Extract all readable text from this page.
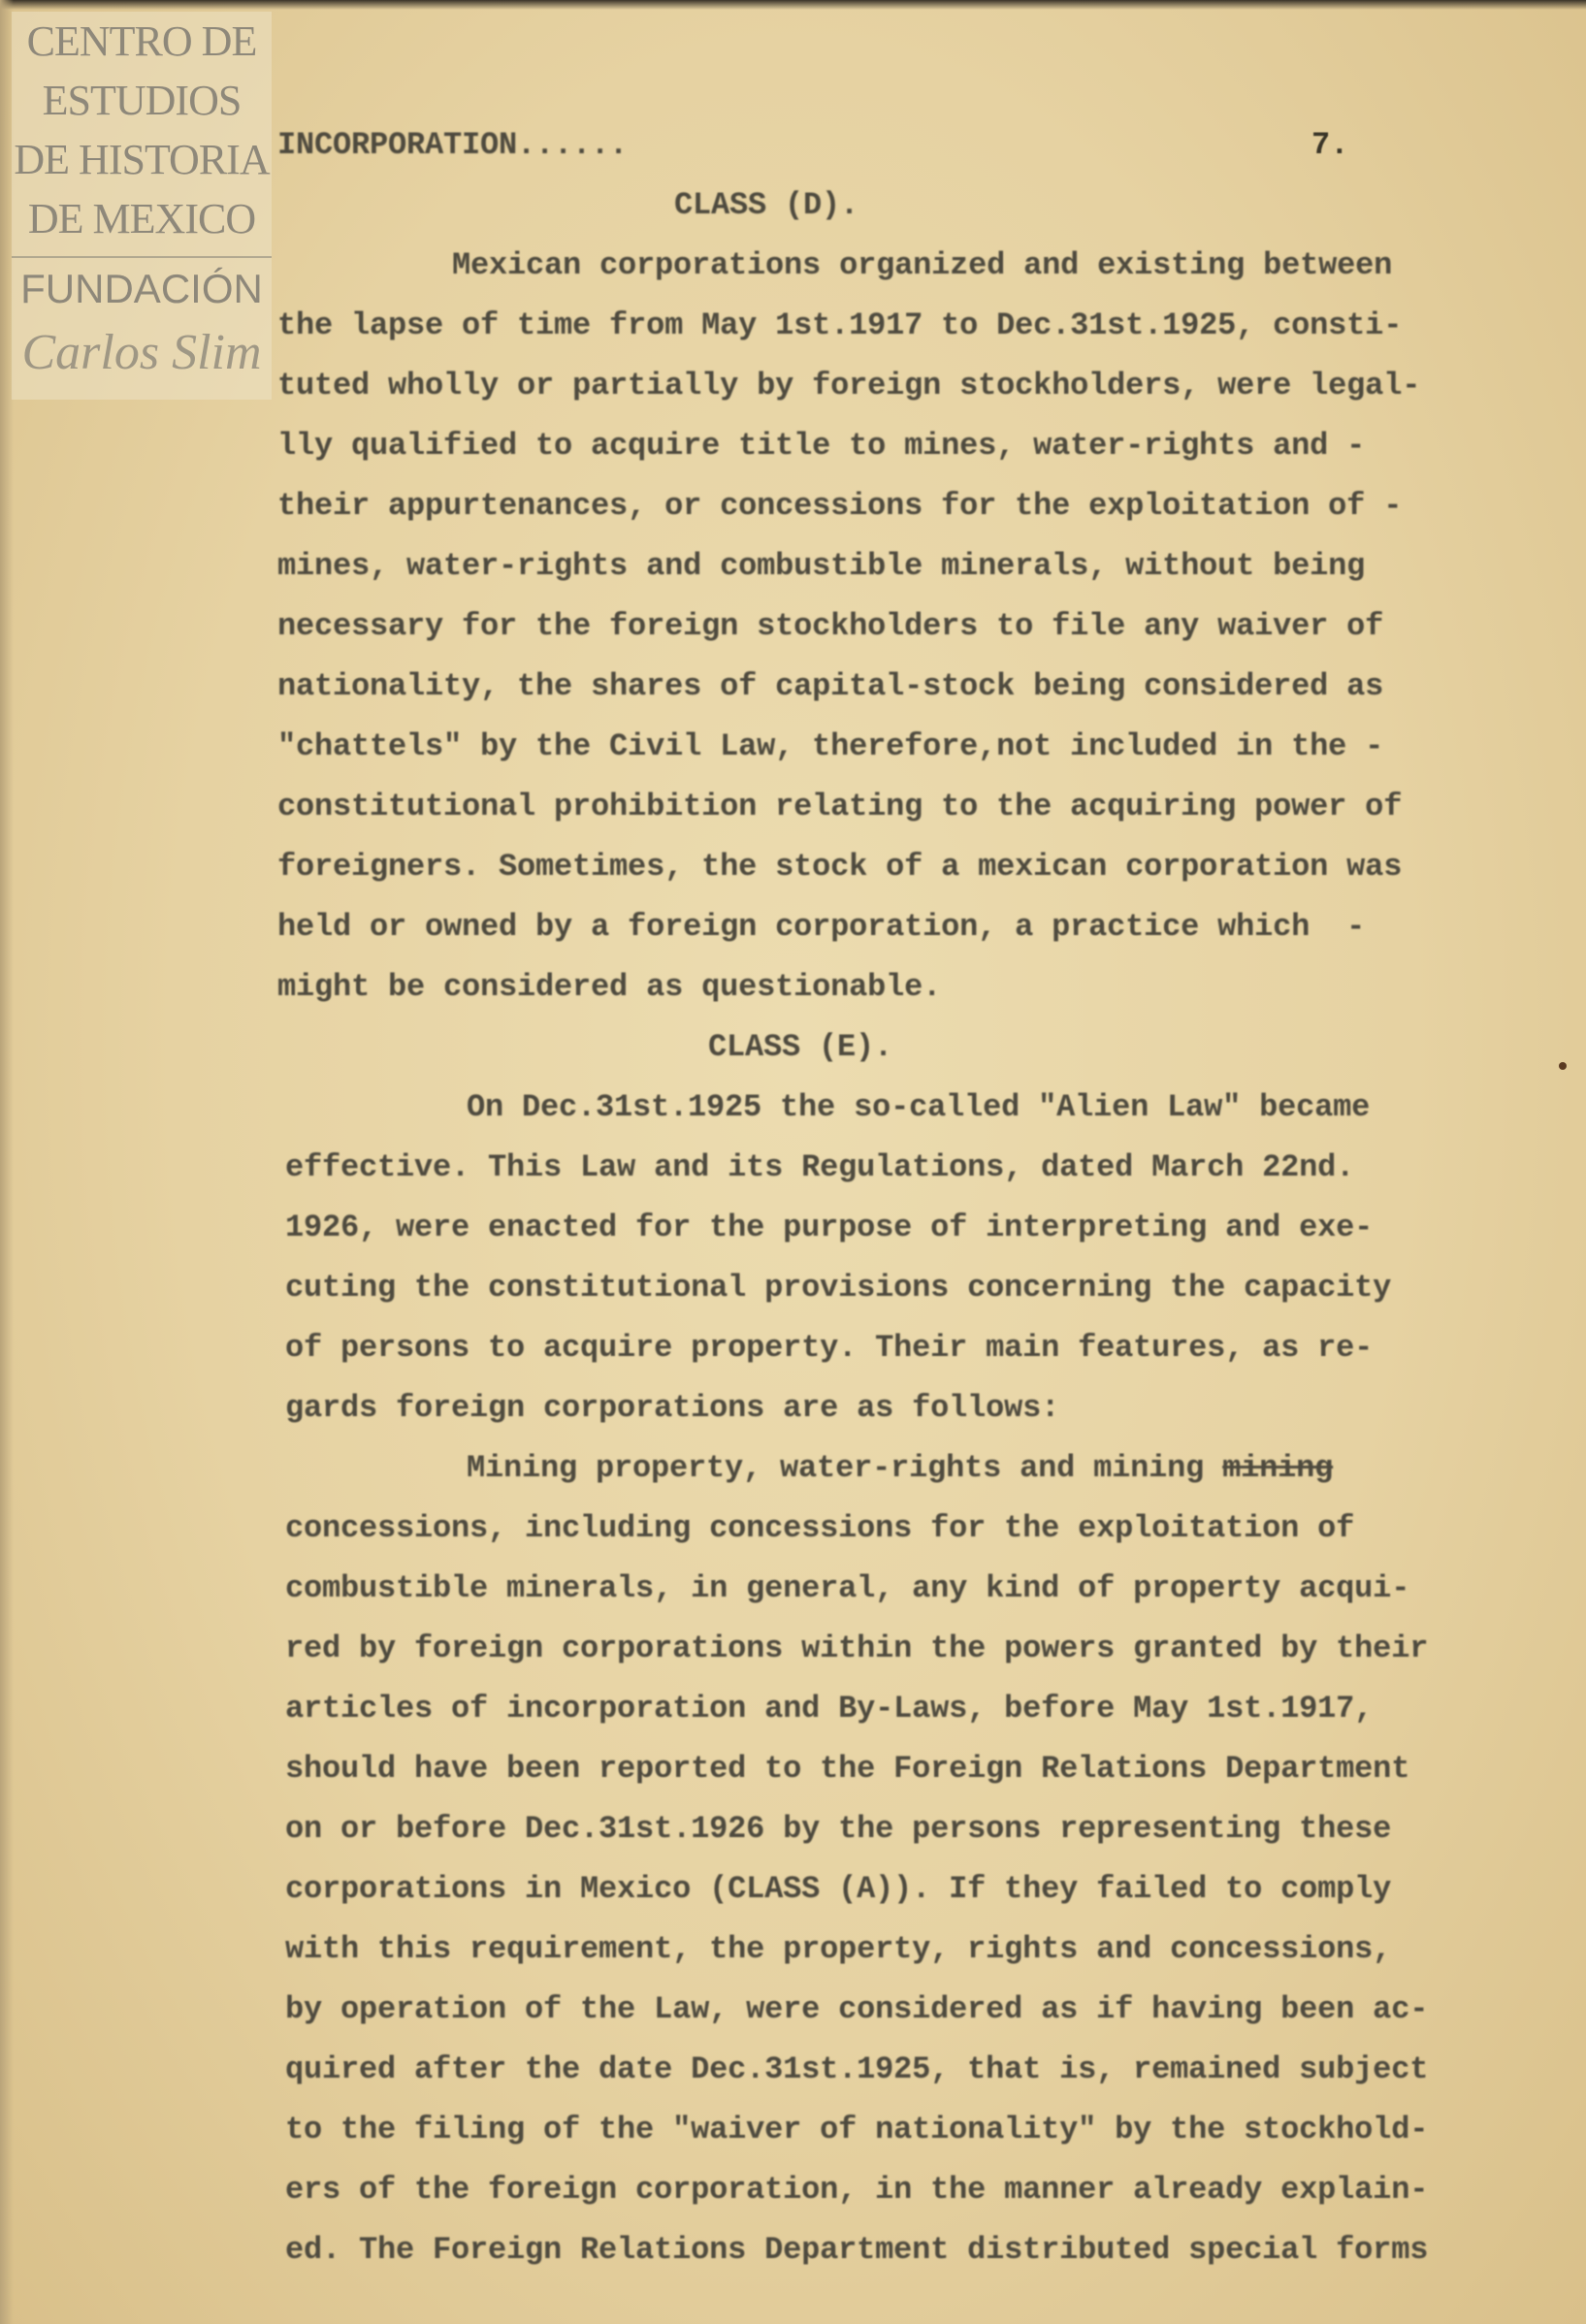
CENTRO DE
ESTUDIOS
DE HISTORIA
DE MEXICO
FUNDACIÓN
Carlos Slim
INCORPORATION......
CLASS (D).
Mexican corporations organized and existing between
the lapse of time from May 1st.1917 to Dec.31st.1925, consti-
tuted wholly or partially by foreign stockholders, were legal-
lly qualified to acquire title to mines, water-rights and -
their appurtenances, or concessions for the exploitation of -
mines, water-rights and combustible minerals, without being
necessary for the foreign stockholders to file any waiver of
nationality, the shares of capital-stock being considered as
"chattels" by the Civil Law, therefore,not included in the -
constitutional prohibition relating to the acquiring power of
foreigners. Sometimes, the stock of a mexican corporation was
held or owned by a foreign corporation, a practice which  -
might be considered as questionable.
CLASS (E).
On Dec.31st.1925 the so-called "Alien Law" became
effective. This Law and its Regulations, dated March 22nd.
1926, were enacted for the purpose of interpreting and exe-
cuting the constitutional provisions concerning the capacity
of persons to acquire property. Their main features, as re-
gards foreign corporations are as follows:
Mining property, water-rights and mining mining
concessions, including concessions for the exploitation of
combustible minerals, in general, any kind of property acqui-
red by foreign corporations within the powers granted by their
articles of incorporation and By-Laws, before May 1st.1917,
should have been reported to the Foreign Relations Department
on or before Dec.31st.1926 by the persons representing these
corporations in Mexico (CLASS (A)). If they failed to comply
with this requirement, the property, rights and concessions,
by operation of the Law, were considered as if having been ac-
quired after the date Dec.31st.1925, that is, remained subject
to the filing of the "waiver of nationality" by the stockhold-
ers of the foreign corporation, in the manner already explain-
ed. The Foreign Relations Department distributed special forms
7.
